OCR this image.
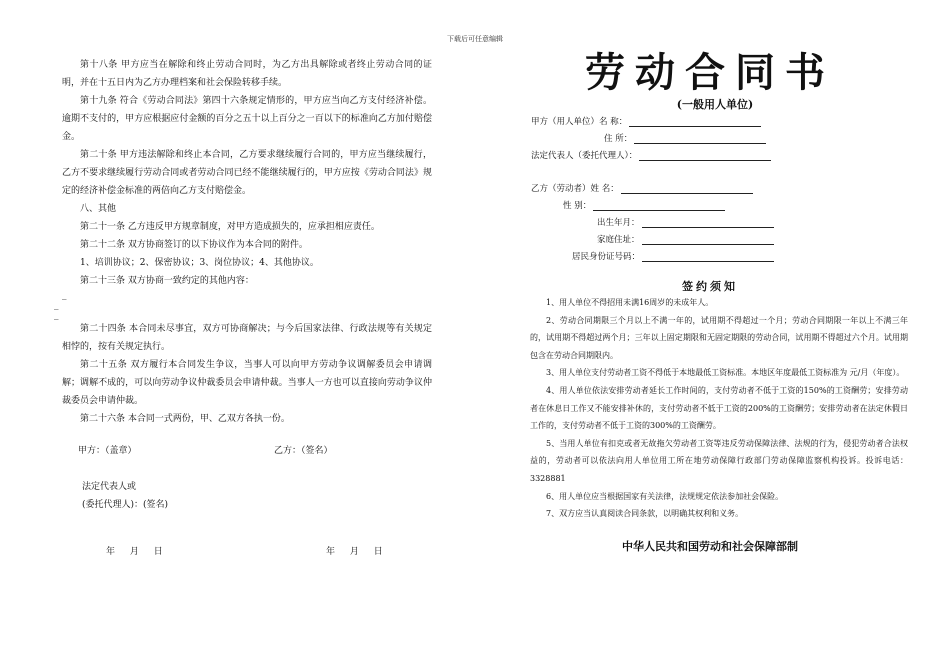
下载后可任意编辑

第十八条 甲方应当在解除和终止劳动合同时，为乙方出具解除或者终止劳动合同的证明，并在十五日内为乙方办理档案和社会保险转移手续。

第十九条 符合《劳动合同法》第四十六条规定情形的，甲方应当向乙方支付经济补偿。逾期不支付的，甲方应根据应付金额的百分之五十以上百分之一百以下的标准向乙方加付赔偿金。

第二十条 甲方违法解除和终止本合同，乙方要求继续履行合同的，甲方应当继续履行，乙方不要求继续履行劳动合同或者劳动合同已经不能继续履行的，甲方应按《劳动合同法》规定的经济补偿金标准的两倍向乙方支付赔偿金。

八、其他

第二十一条 乙方违反甲方规章制度，对甲方造成损失的，应承担相应责任。

第二十二条 双方协商签订的以下协议作为本合同的附件。

1、培训协议；2、保密协议；3、岗位协议；4、其他协议。

第二十三条 双方协商一致约定的其他内容：

_

_

_

第二十四条 本合同未尽事宜，双方可协商解决；与今后国家法律、行政法规等有关规定相悖的，按有关规定执行。

第二十五条 双方履行本合同发生争议，当事人可以向甲方劳动争议调解委员会申请调解；调解不成的，可以向劳动争议仲裁委员会申请仲裁。当事人一方也可以直接向劳动争议仲裁委员会申请仲裁。

第二十六条 本合同一式两份，甲、乙双方各执一份。

甲方：（盖章）	乙方：（签名）
法定代表人或
(委托代理人)：(签名)
年 月 日	年 月 日
劳动合同书
(一般用人单位)
甲方（用人单位）名 称：
住 所：
法定代表人（委托代理人）：
乙方（劳动者）姓 名：
性 别：
出生年月：
家庭住址：
居民身份证号码：
签约须知

1、用人单位不得招用未满16周岁的未成年人。

2、劳动合同期限三个月以上不满一年的，试用期不得超过一个月；劳动合同期限一年以上不满三年的，试用期不得超过两个月；三年以上固定期限和无固定期限的劳动合同，试用期不得超过六个月。试用期包含在劳动合同期限内。

3、用人单位支付劳动者工资不得低于本地最低工资标准。本地区年度最低工资标准为 元/月（年度）。

4、用人单位依法安排劳动者延长工作时间的，支付劳动者不低于工资的150%的工资酬劳；安排劳动者在休息日工作又不能安排补休的，支付劳动者不低于工资的200%的工资酬劳；安排劳动者在法定休假日工作的，支付劳动者不低于工资的300%的工资酬劳。

5、当用人单位有扣克或者无故拖欠劳动者工资等违反劳动保障法律、法规的行为，侵犯劳动者合法权益的，劳动者可以依法向用人单位用工所在地劳动保障行政部门劳动保障监察机构投诉。投诉电话：3328881

6、用人单位应当根据国家有关法律，法规规定依法参加社会保险。

7、双方应当认真阅读合同条款，以明确其权利和义务。

中华人民共和国劳动和社会保障部制
